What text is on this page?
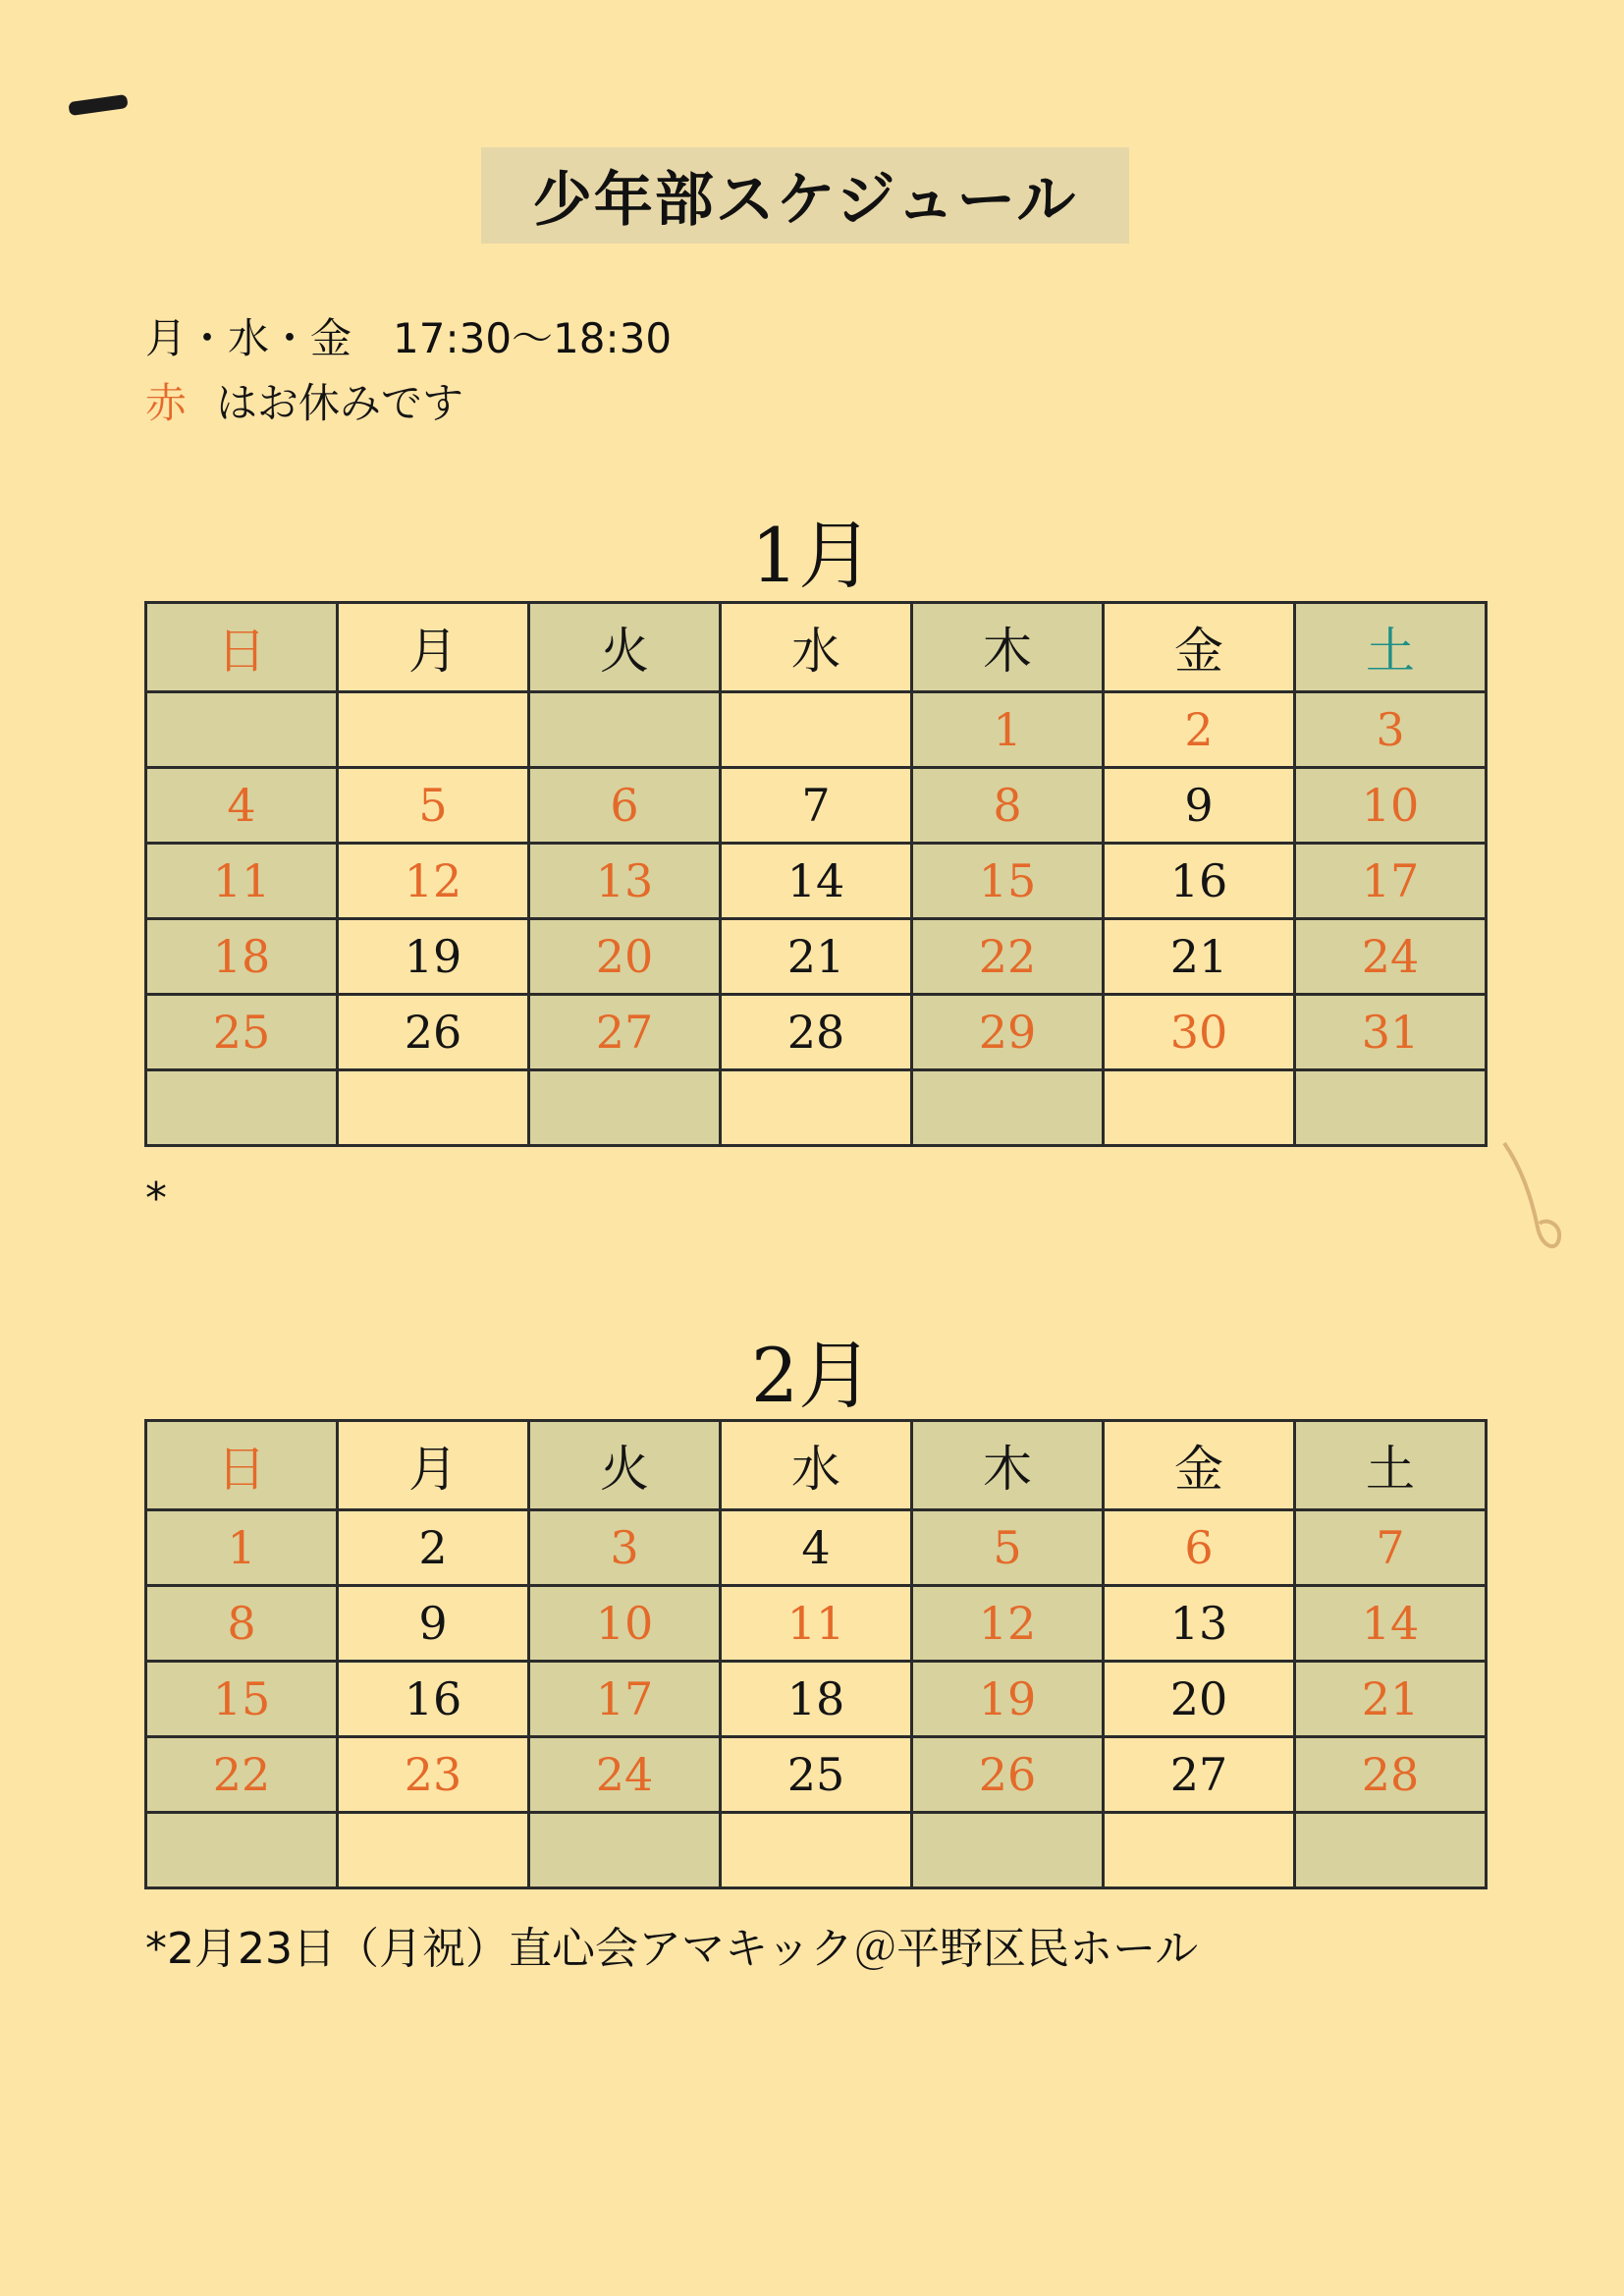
少年部スケジュール
月・水・金　17:30〜18:30
赤 はお休みです
1月
日	月	火	水	木	金	土
				1	2	3
4	5	6	7	8	9	10
11	12	13	14	15	16	17
18	19	20	21	22	21	24
25	26	27	28	29	30	31

*
2月
日	月	火	水	木	金	土
1	2	3	4	5	6	7
8	9	10	11	12	13	14
15	16	17	18	19	20	21
22	23	24	25	26	27	28

*2月23日（月祝）直心会アマキック＠平野区民ホール
